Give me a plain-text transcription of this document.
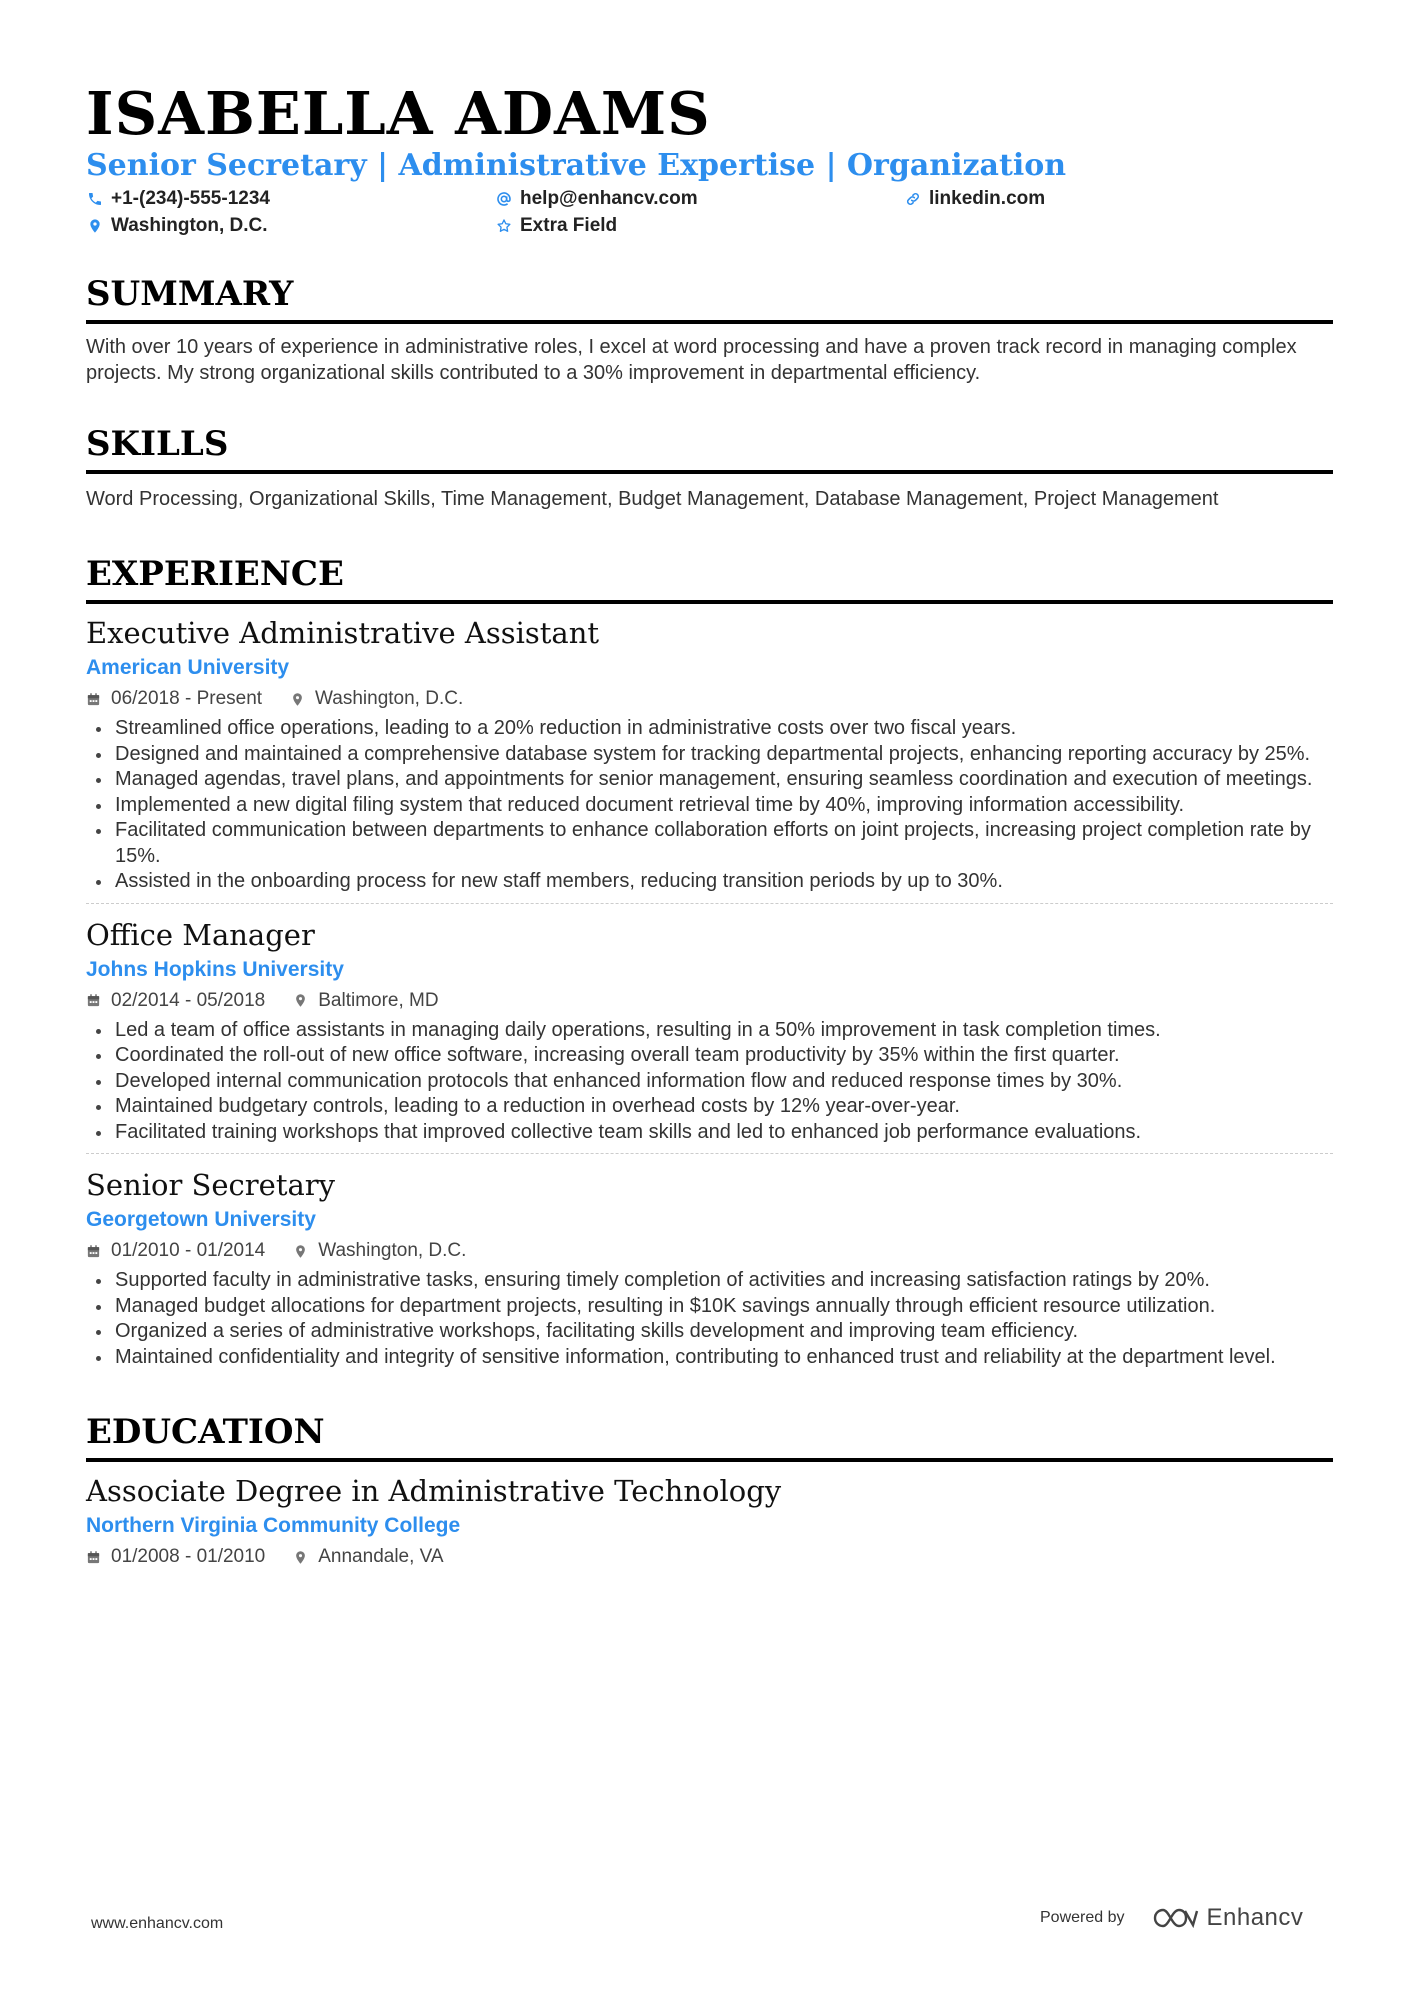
ISABELLA ADAMS
Senior Secretary | Administrative Expertise | Organization
+1-(234)-555-1234	help@enhancv.com	linkedin.com
Washington, D.C.	Extra Field
SUMMARY
With over 10 years of experience in administrative roles, I excel at word processing and have a proven track record in managing complex projects. My strong organizational skills contributed to a 30% improvement in departmental efficiency.
SKILLS
Word Processing, Organizational Skills, Time Management, Budget Management, Database Management, Project Management
EXPERIENCE
Executive Administrative Assistant
American University
06/2018 - Present	Washington, D.C.
Streamlined office operations, leading to a 20% reduction in administrative costs over two fiscal years.
Designed and maintained a comprehensive database system for tracking departmental projects, enhancing reporting accuracy by 25%.
Managed agendas, travel plans, and appointments for senior management, ensuring seamless coordination and execution of meetings.
Implemented a new digital filing system that reduced document retrieval time by 40%, improving information accessibility.
Facilitated communication between departments to enhance collaboration efforts on joint projects, increasing project completion rate by 15%.
Assisted in the onboarding process for new staff members, reducing transition periods by up to 30%.
Office Manager
Johns Hopkins University
02/2014 - 05/2018	Baltimore, MD
Led a team of office assistants in managing daily operations, resulting in a 50% improvement in task completion times.
Coordinated the roll-out of new office software, increasing overall team productivity by 35% within the first quarter.
Developed internal communication protocols that enhanced information flow and reduced response times by 30%.
Maintained budgetary controls, leading to a reduction in overhead costs by 12% year-over-year.
Facilitated training workshops that improved collective team skills and led to enhanced job performance evaluations.
Senior Secretary
Georgetown University
01/2010 - 01/2014	Washington, D.C.
Supported faculty in administrative tasks, ensuring timely completion of activities and increasing satisfaction ratings by 20%.
Managed budget allocations for department projects, resulting in $10K savings annually through efficient resource utilization.
Organized a series of administrative workshops, facilitating skills development and improving team efficiency.
Maintained confidentiality and integrity of sensitive information, contributing to enhanced trust and reliability at the department level.
EDUCATION
Associate Degree in Administrative Technology
Northern Virginia Community College
01/2008 - 01/2010	Annandale, VA
www.enhancv.com	Powered by	Enhancv
